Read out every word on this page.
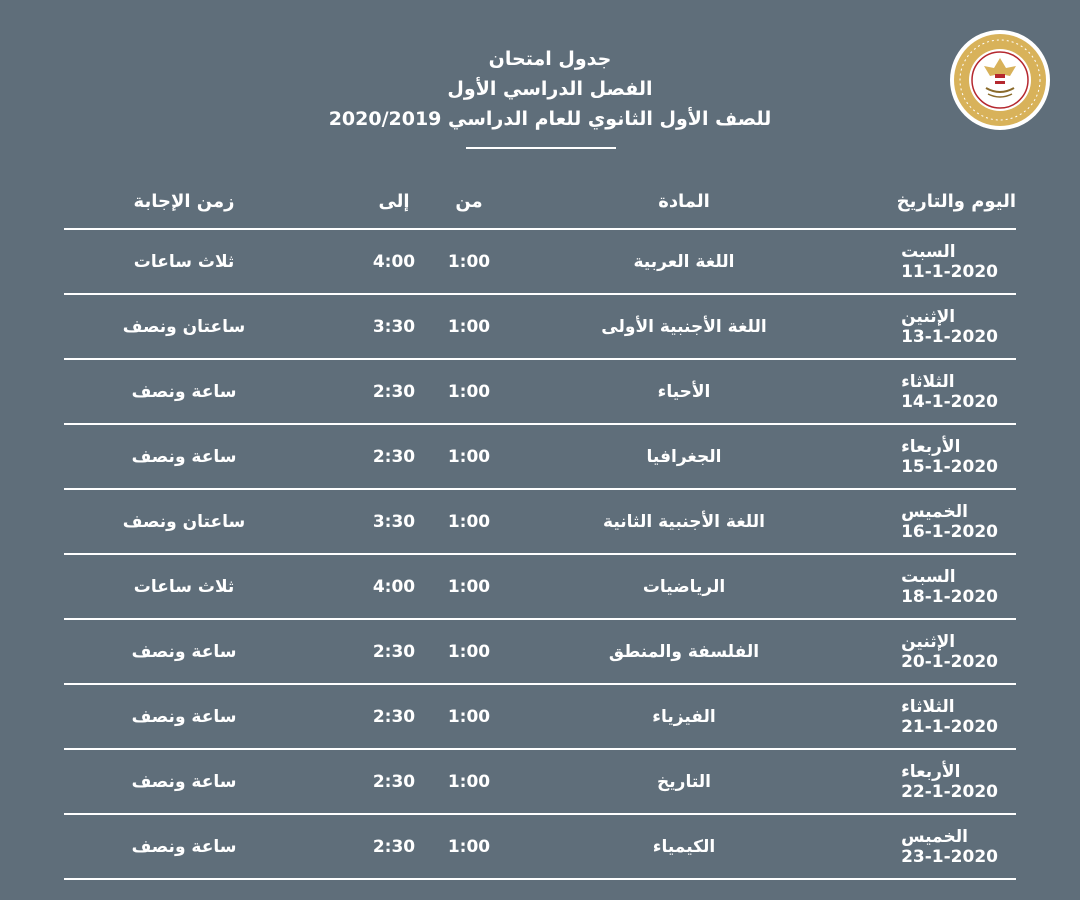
جدول امتحان
الفصل الدراسي الأول
للصف الأول الثانوي للعام الدراسي 2020/2019
اليوم والتاريخ
المادة
من
إلى
زمن الإجابة
السبت
11-1-2020
اللغة العربية
1:00
4:00
ثلاث ساعات
الإثنين
13-1-2020
اللغة الأجنبية الأولى
1:00
3:30
ساعتان ونصف
الثلاثاء
14-1-2020
الأحياء
1:00
2:30
ساعة ونصف
الأربعاء
15-1-2020
الجغرافيا
1:00
2:30
ساعة ونصف
الخميس
16-1-2020
اللغة الأجنبية الثانية
1:00
3:30
ساعتان ونصف
السبت
18-1-2020
الرياضيات
1:00
4:00
ثلاث ساعات
الإثنين
20-1-2020
الفلسفة والمنطق
1:00
2:30
ساعة ونصف
الثلاثاء
21-1-2020
الفيزياء
1:00
2:30
ساعة ونصف
الأربعاء
22-1-2020
التاريخ
1:00
2:30
ساعة ونصف
الخميس
23-1-2020
الكيمياء
1:00
2:30
ساعة ونصف
